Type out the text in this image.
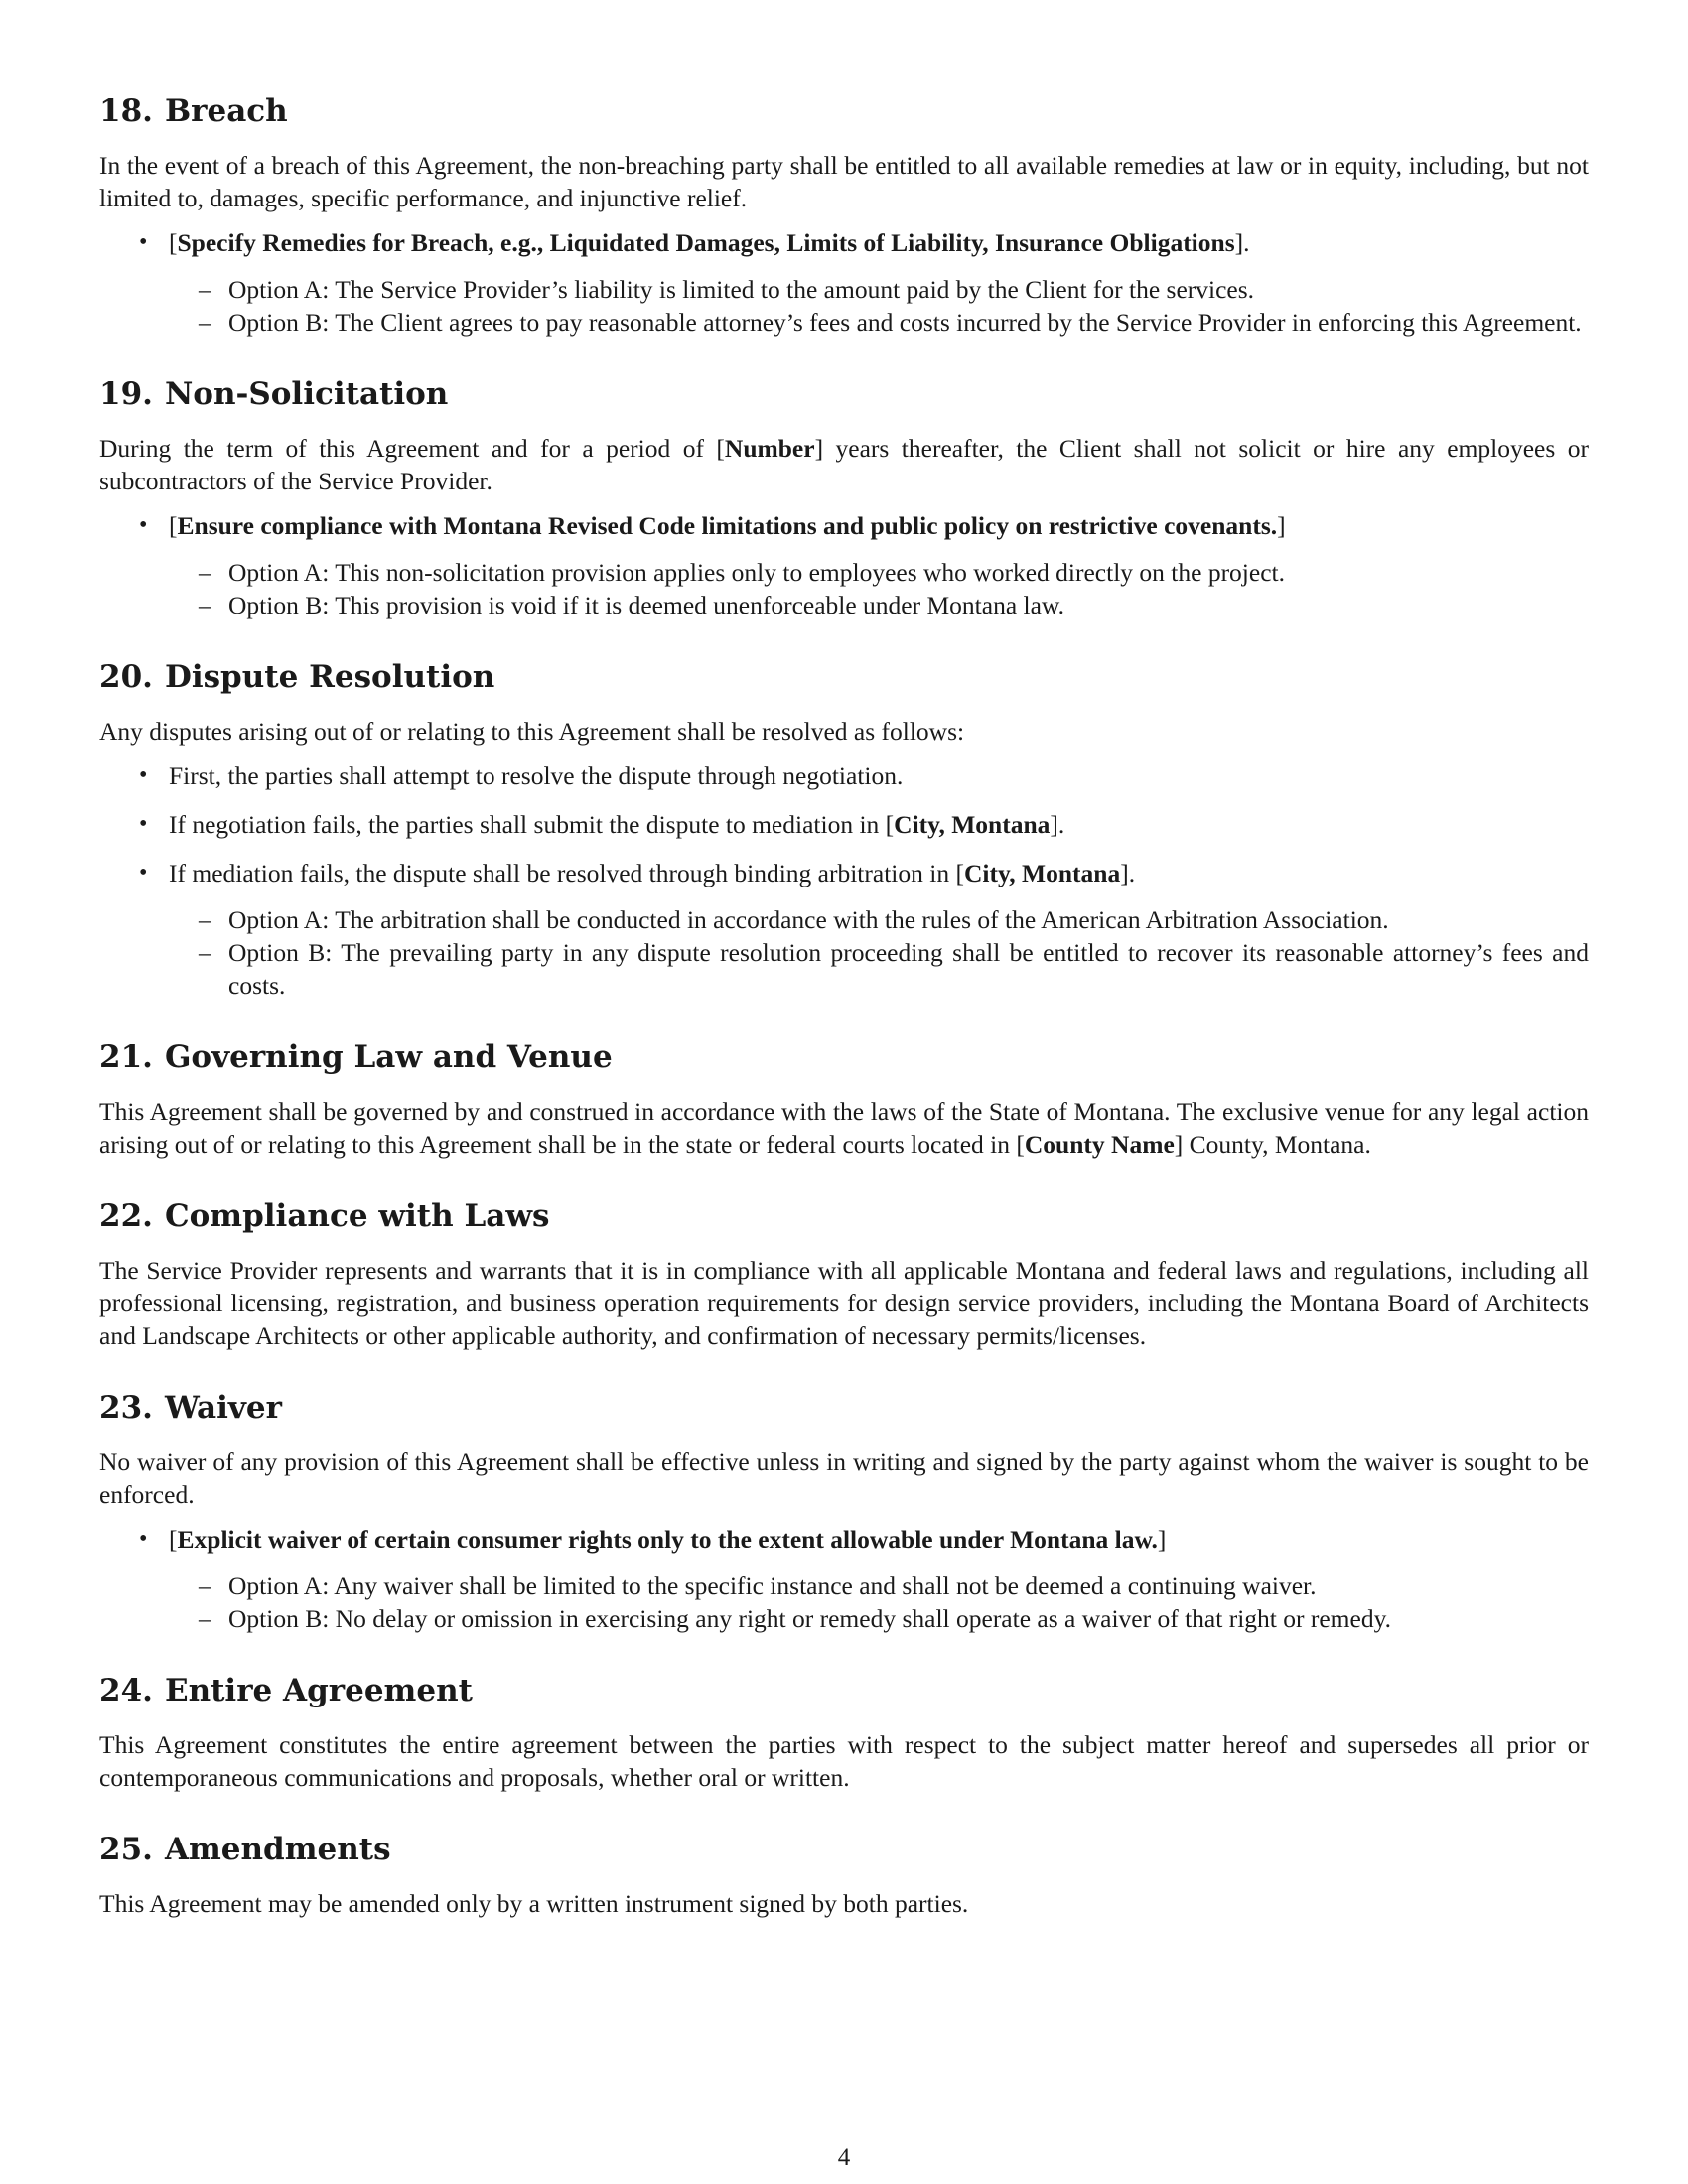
18. Breach

In the event of a breach of this Agreement, the non-breaching party shall be entitled to all available remedies at law or in equity, including, but not limited to, damages, specific performance, and injunctive relief.

• [Specify Remedies for Breach, e.g., Liquidated Damages, Limits of Liability, Insurance Obligations].
– Option A: The Service Provider’s liability is limited to the amount paid by the Client for the services.
– Option B: The Client agrees to pay reasonable attorney’s fees and costs incurred by the Service Provider in enforcing this Agreement.
19. Non-Solicitation

During the term of this Agreement and for a period of [Number] years thereafter, the Client shall not solicit or hire any employees or subcontractors of the Service Provider.

• [Ensure compliance with Montana Revised Code limitations and public policy on restrictive covenants.]
– Option A: This non-solicitation provision applies only to employees who worked directly on the project.
– Option B: This provision is void if it is deemed unenforceable under Montana law.
20. Dispute Resolution

Any disputes arising out of or relating to this Agreement shall be resolved as follows:

• First, the parties shall attempt to resolve the dispute through negotiation.
• If negotiation fails, the parties shall submit the dispute to mediation in [City, Montana].
• If mediation fails, the dispute shall be resolved through binding arbitration in [City, Montana].
– Option A: The arbitration shall be conducted in accordance with the rules of the American Arbitration Association.
– Option B: The prevailing party in any dispute resolution proceeding shall be entitled to recover its reasonable attorney’s fees and costs.
21. Governing Law and Venue

This Agreement shall be governed by and construed in accordance with the laws of the State of Montana. The exclusive venue for any legal action arising out of or relating to this Agreement shall be in the state or federal courts located in [County Name] County, Montana.

22. Compliance with Laws

The Service Provider represents and warrants that it is in compliance with all applicable Montana and federal laws and regulations, including all professional licensing, registration, and business operation requirements for design service providers, including the Montana Board of Architects and Landscape Architects or other applicable authority, and confirmation of necessary permits/licenses.

23. Waiver

No waiver of any provision of this Agreement shall be effective unless in writing and signed by the party against whom the waiver is sought to be enforced.

• [Explicit waiver of certain consumer rights only to the extent allowable under Montana law.]
– Option A: Any waiver shall be limited to the specific instance and shall not be deemed a continuing waiver.
– Option B: No delay or omission in exercising any right or remedy shall operate as a waiver of that right or remedy.
24. Entire Agreement

This Agreement constitutes the entire agreement between the parties with respect to the subject matter hereof and supersedes all prior or contemporaneous communications and proposals, whether oral or written.

25. Amendments

This Agreement may be amended only by a written instrument signed by both parties.

4
